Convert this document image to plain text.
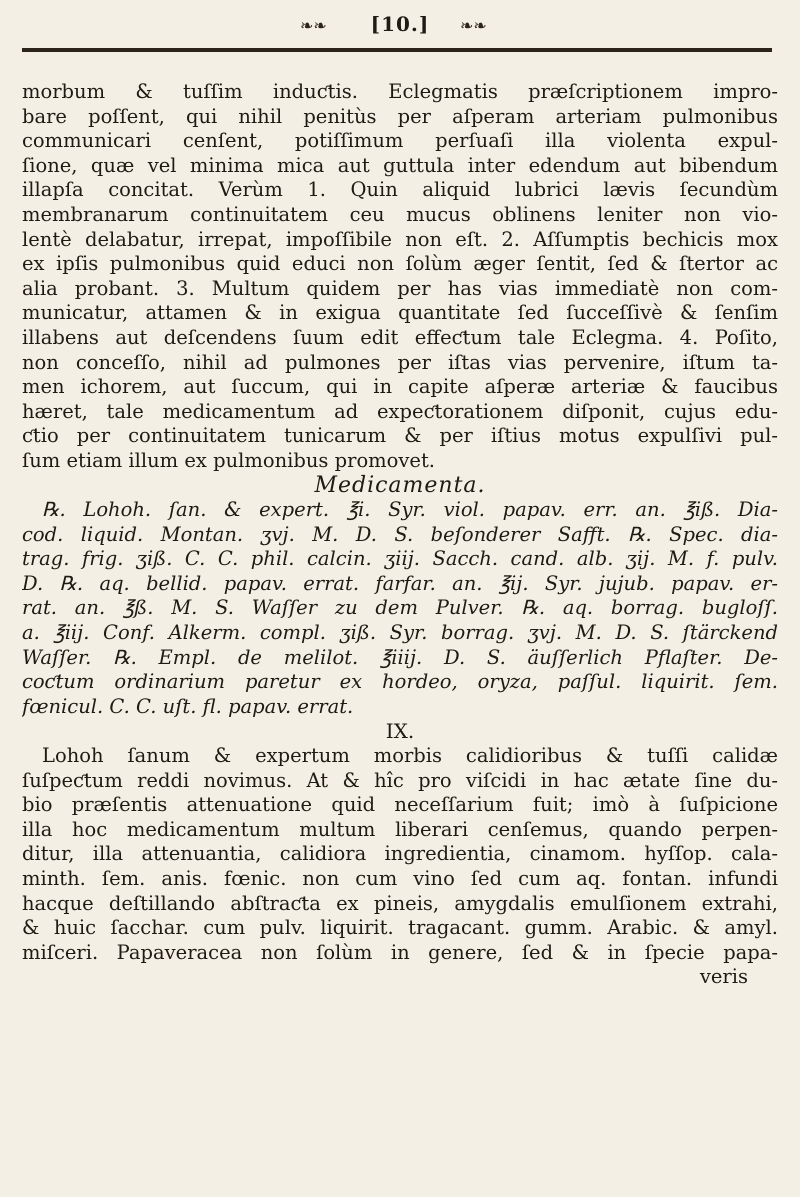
❧❧	[10.]	❧❧
morbum & tuſſim induƈtis. Eclegmatis præſcriptionem impro-
bare poſſent, qui nihil penitùs per aſperam arteriam pulmonibus
communicari cenſent, potiſſimum perſuaſi illa violenta expul-
ſione, quæ vel minima mica aut guttula inter edendum aut bibendum
illapſa concitat. Verùm 1. Quin aliquid lubrici lævis ſecundùm
membranarum continuitatem ceu mucus oblinens leniter non vio-
lentè delabatur, irrepat, impoſſibile non eſt. 2. Aſſumptis bechicis mox
ex ipſis pulmonibus quid educi non ſolùm æger ſentit, ſed & ſtertor ac
alia probant. 3. Multum quidem per has vias immediatè non com-
municatur, attamen & in exigua quantitate ſed ſucceſſivè & ſenſim
illabens aut deſcendens ſuum edit effeƈtum tale Eclegma. 4. Poſito,
non conceſſo, nihil ad pulmones per iſtas vias pervenire, iſtum ta-
men ichorem, aut ſuccum, qui in capite aſperæ arteriæ & faucibus
hæret, tale medicamentum ad expeƈtorationem diſponit, cujus edu-
ƈtio per continuitatem tunicarum & per iſtius motus expulſivi pul-
ſum etiam illum ex pulmonibus promovet.
Medicamenta.
℞. Lohoh. ſan. & expert. ℥i. Syr. viol. papav. err. an. ℥iß. Dia-
cod. liquid. Montan. ʒvj. M. D. S. beſonderer Safft. ℞. Spec. dia-
trag. frig. ʒiß. C. C. phil. calcin. ʒiij. Sacch. cand. alb. ʒij. M. f. pulv.
D. ℞. aq. bellid. papav. errat. farfar. an. ℥ij. Syr. jujub. papav. er-
rat. an. ℥ß. M. S. Waſſer zu dem Pulver. ℞. aq. borrag. bugloſſ.
a. ℥iij. Conf. Alkerm. compl. ʒiß. Syr. borrag. ʒvj. M. D. S. ſtärckend
Waſſer. ℞. Empl. de melilot. ℥iiij. D. S. äuſſerlich Pflaſter. De-
coƈtum ordinarium paretur ex hordeo, oryza, paſſul. liquirit. ſem.
fœnicul. C. C. uſt. fl. papav. errat.
IX.
Lohoh ſanum & expertum morbis calidioribus & tuſſi calidæ
ſuſpeƈtum reddi novimus. At & hîc pro viſcidi in hac ætate ſine du-
bio præſentis attenuatione quid neceſſarium fuit; imò à ſuſpicione
illa hoc medicamentum multum liberari cenſemus, quando perpen-
ditur, illa attenuantia, calidiora ingredientia, cinamom. hyſſop. cala-
minth. ſem. anis. fœnic. non cum vino ſed cum aq. fontan. infundi
hacque deſtillando abſtraƈta ex pineis, amygdalis emulſionem extrahi,
& huic ſacchar. cum pulv. liquirit. tragacant. gumm. Arabic. & amyl.
miſceri. Papaveracea non ſolùm in genere, ſed & in ſpecie papa-
veris
